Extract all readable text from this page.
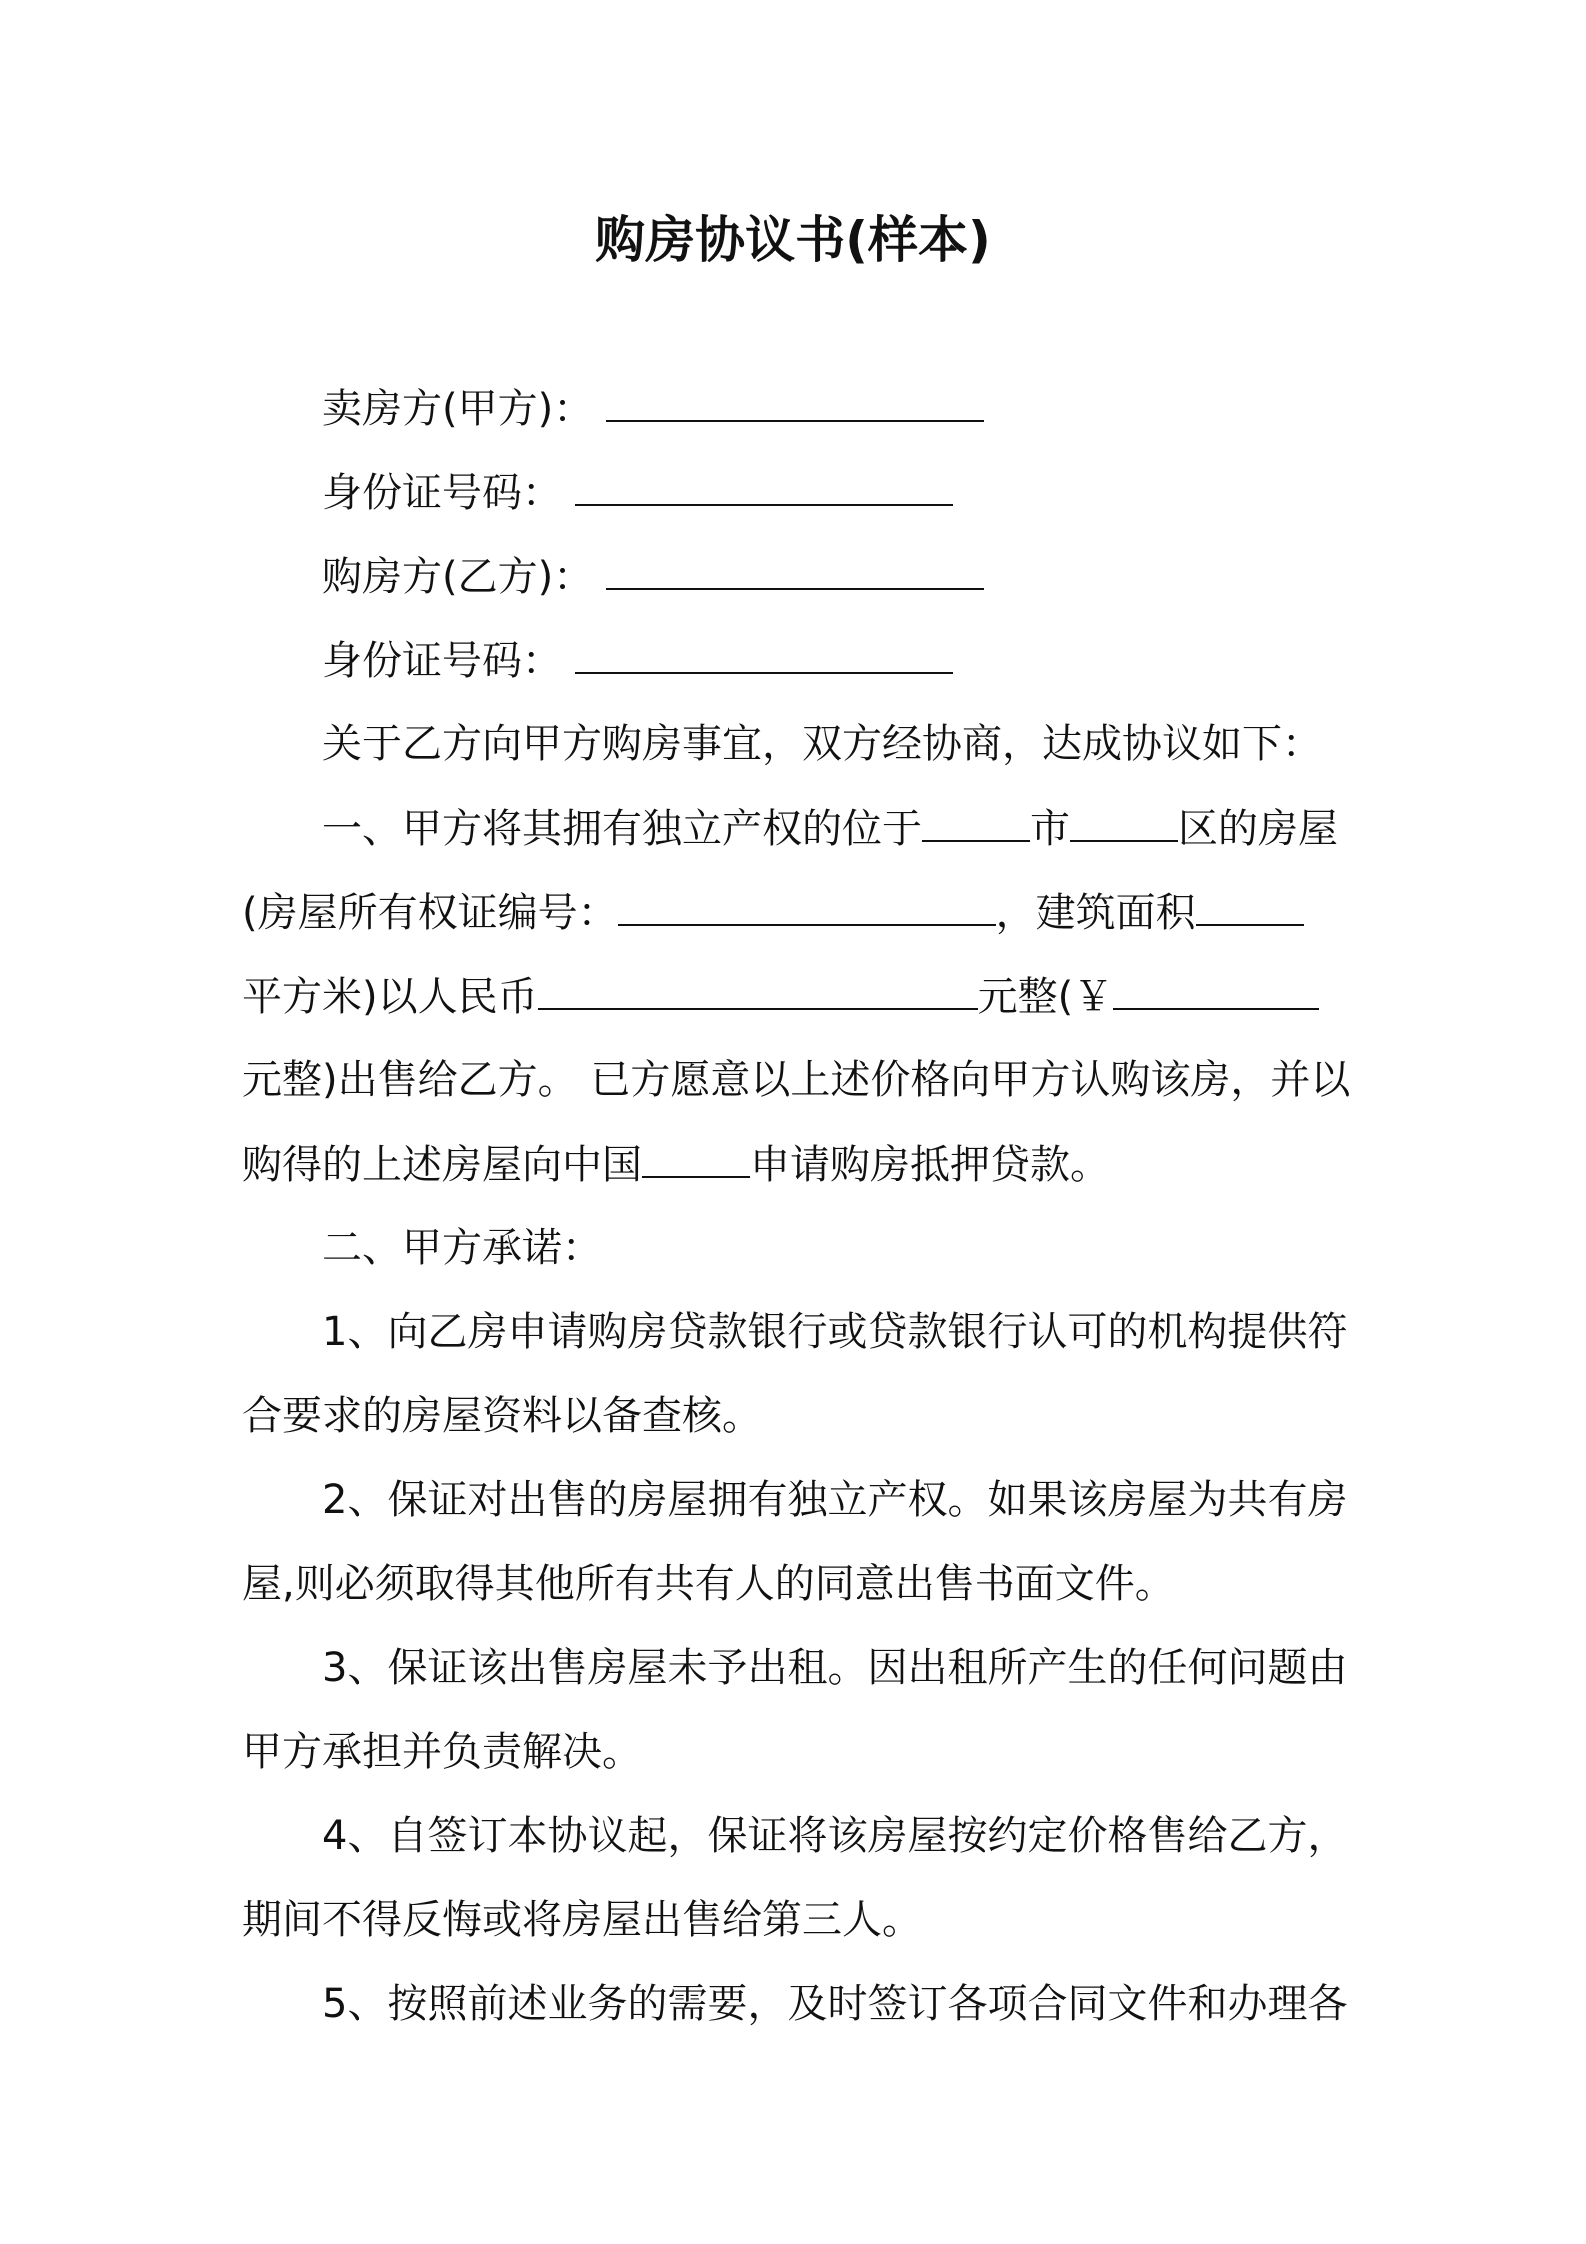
购房协议书(样本)
卖房方(甲方)：
身份证号码：
购房方(乙方)：
身份证号码：
关于乙方向甲方购房事宜，双方经协商，达成协议如下：
一、甲方将其拥有独立产权的位于	市	区的房屋
(房屋所有权证编号：	，建筑面积
平方米)以人民币	元整(￥
元整)出售给乙方。 已方愿意以上述价格向甲方认购该房，并以
购得的上述房屋向中国	申请购房抵押贷款。
二、甲方承诺：
1、向乙房申请购房贷款银行或贷款银行认可的机构提供符
合要求的房屋资料以备查核。
2、保证对出售的房屋拥有独立产权。如果该房屋为共有房
屋,则必须取得其他所有共有人的同意出售书面文件。
3、保证该出售房屋未予出租。因出租所产生的任何问题由
甲方承担并负责解决。
4、自签订本协议起，保证将该房屋按约定价格售给乙方，
期间不得反悔或将房屋出售给第三人。
5、按照前述业务的需要，及时签订各项合同文件和办理各
